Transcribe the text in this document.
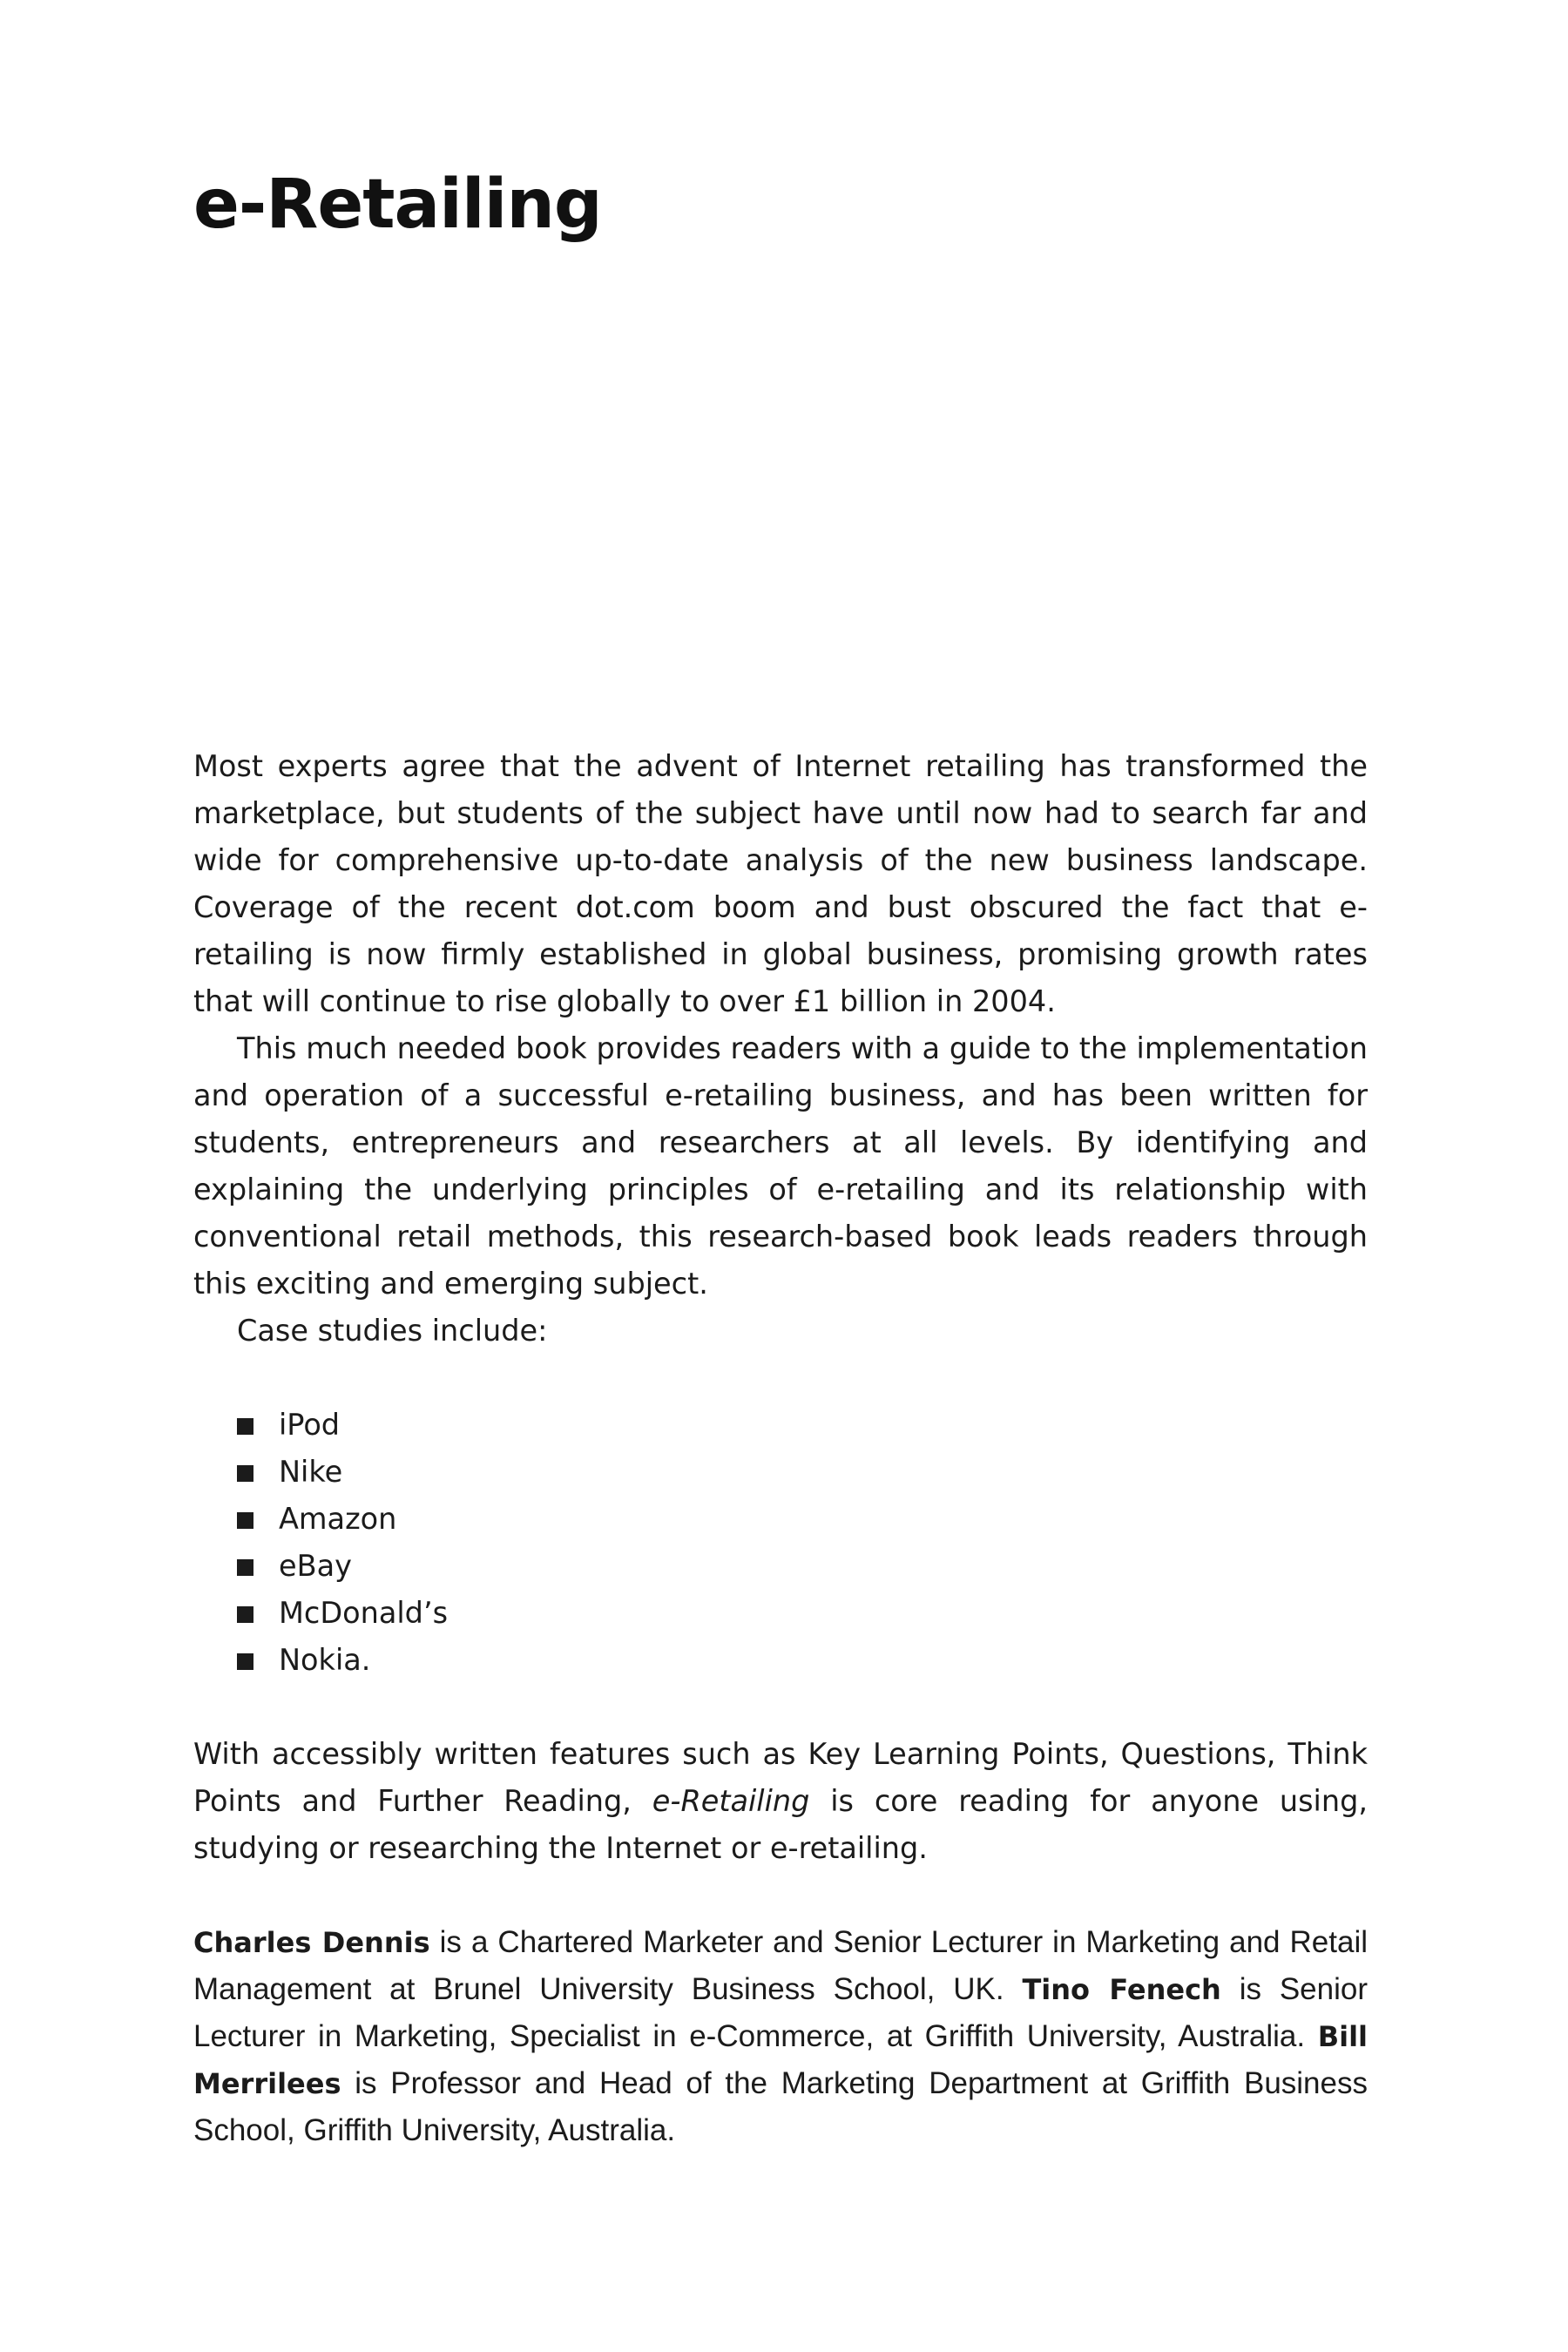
e-Retailing

Most experts agree that the advent of Internet retailing has transformed the marketplace, but students of the subject have until now had to search far and wide for comprehensive up-to-date analysis of the new business landscape. Coverage of the recent dot.com boom and bust obscured the fact that e-retailing is now firmly established in global business, promising growth rates that will continue to rise globally to over £1 billion in 2004.

This much needed book provides readers with a guide to the implementation and operation of a successful e-retailing business, and has been written for students, entrepreneurs and researchers at all levels. By identifying and explaining the underlying principles of e-retailing and its relationship with conventional retail methods, this research-based book leads readers through this exciting and emerging subject.

Case studies include:

iPod
Nike
Amazon
eBay
McDonald’s
Nokia.

With accessibly written features such as Key Learning Points, Questions, Think Points and Further Reading, e-Retailing is core reading for anyone using, studying or researching the Internet or e-retailing.

Charles Dennis is a Chartered Marketer and Senior Lecturer in Marketing and Retail Management at Brunel University Business School, UK. Tino Fenech is Senior Lecturer in Marketing, Specialist in e-Commerce, at Griffith University, Australia. Bill Merrilees is Professor and Head of the Marketing Department at Griffith Business School, Griffith University, Australia.
